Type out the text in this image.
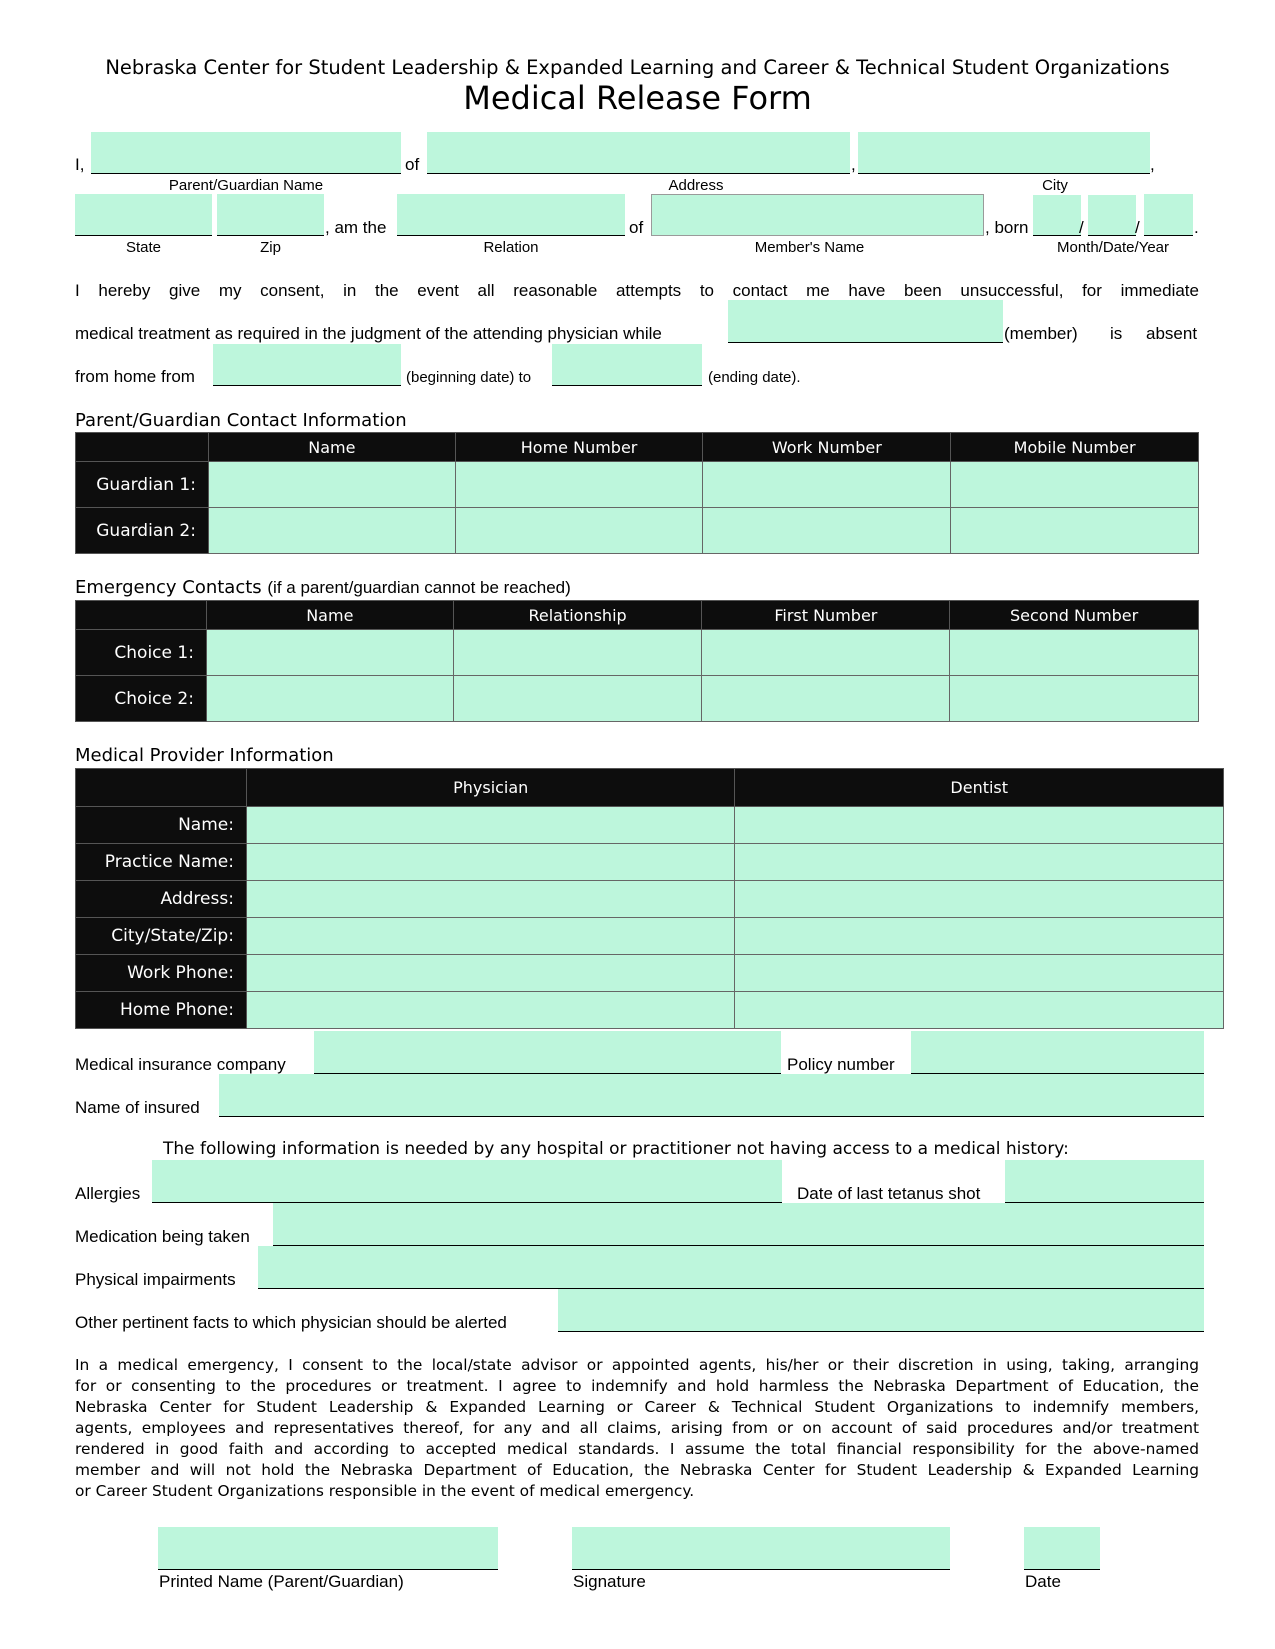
Nebraska Center for Student Leadership & Expanded Learning and Career & Technical Student Organizations
Medical Release Form
I,	of	,	,
Parent/Guardian Name	Address	City
, am the	of	, born	/	/	.
State	Zip	Relation	Member's Name	Month/Date/Year
I hereby give my consent, in the event all reasonable attempts to contact me have been unsuccessful, for immediate
medical treatment as required in the judgment of the attending physician while	(member) is absent
from home from	(beginning date) to	(ending date).
Parent/Guardian Contact Information
	Name	Home Number	Work Number	Mobile Number
Guardian 1:				
Guardian 2:				
Emergency Contacts (if a parent/guardian cannot be reached)
	Name	Relationship	First Number	Second Number
Choice 1:				
Choice 2:				
Medical Provider Information
	Physician	Dentist
Name:		
Practice Name:		
Address:		
City/State/Zip:		
Work Phone:		
Home Phone:		
Medical insurance company	Policy number
Name of insured
The following information is needed by any hospital or practitioner not having access to a medical history:
Allergies	Date of last tetanus shot
Medication being taken
Physical impairments
Other pertinent facts to which physician should be alerted
In a medical emergency, I consent to the local/state advisor or appointed agents, his/her or their discretion in using, taking, arranging
for or consenting to the procedures or treatment. I agree to indemnify and hold harmless the Nebraska Department of Education, the
Nebraska Center for Student Leadership & Expanded Learning or Career & Technical Student Organizations to indemnify members,
agents, employees and representatives thereof, for any and all claims, arising from or on account of said procedures and/or treatment
rendered in good faith and according to accepted medical standards. I assume the total financial responsibility for the above-named
member and will not hold the Nebraska Department of Education, the Nebraska Center for Student Leadership & Expanded Learning
or Career Student Organizations responsible in the event of medical emergency.
Printed Name (Parent/Guardian)	Signature	Date
